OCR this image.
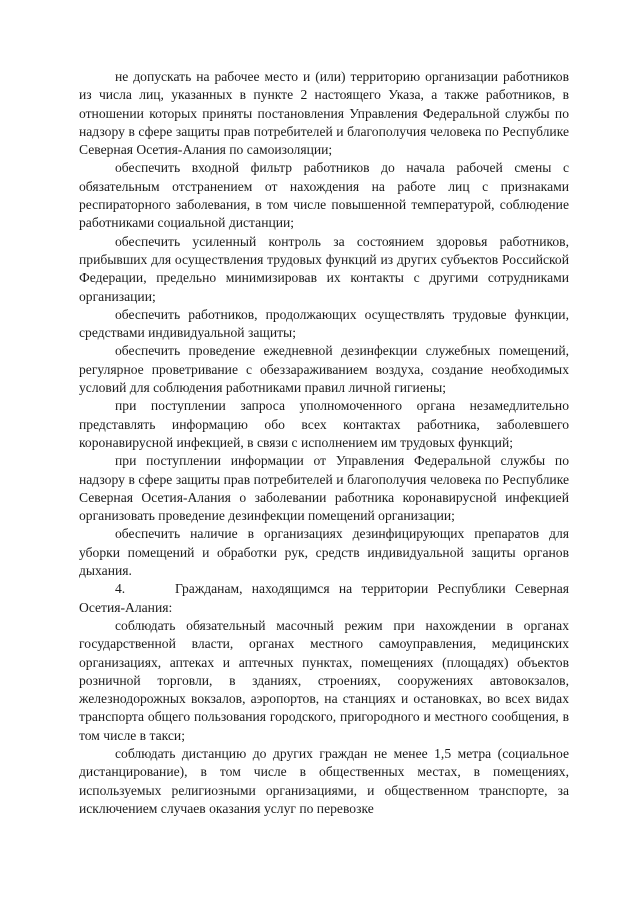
не допускать на рабочее место и (или) территорию организации работников из числа лиц, указанных в пункте 2 настоящего Указа, а также работников, в отношении которых приняты постановления Управления Федеральной службы по надзору в сфере защиты прав потребителей и благополучия человека по Республике Северная Осетия-Алания по самоизоляции;

обеспечить входной фильтр работников до начала рабочей смены с обязательным отстранением от нахождения на работе лиц с признаками респираторного заболевания, в том числе повышенной температурой, соблюдение работниками социальной дистанции;

обеспечить усиленный контроль за состоянием здоровья работников, прибывших для осуществления трудовых функций из других субъектов Российской Федерации, предельно минимизировав их контакты с другими сотрудниками организации;

обеспечить работников, продолжающих осуществлять трудовые функции, средствами индивидуальной защиты;

обеспечить проведение ежедневной дезинфекции служебных помещений, регулярное проветривание с обеззараживанием воздуха, создание необходимых условий для соблюдения работниками правил личной гигиены;

при поступлении запроса уполномоченного органа незамедлительно представлять информацию обо всех контактах работника, заболевшего коронавирусной инфекцией, в связи с исполнением им трудовых функций;

при поступлении информации от Управления Федеральной службы по надзору в сфере защиты прав потребителей и благополучия человека по Республике Северная Осетия-Алания о заболевании работника коронавирусной инфекцией организовать проведение дезинфекции помещений организации;

обеспечить наличие в организациях дезинфицирующих препаратов для уборки помещений и обработки рук, средств индивидуальной защиты органов дыхания.

4.	Гражданам, находящимся на территории Республики Северная Осетия-Алания:

соблюдать обязательный масочный режим при нахождении в органах государственной власти, органах местного самоуправления, медицинских организациях, аптеках и аптечных пунктах, помещениях (площадях) объектов розничной торговли, в зданиях, строениях, сооружениях автовокзалов, железнодорожных вокзалов, аэропортов, на станциях и остановках, во всех видах транспорта общего пользования городского, пригородного и местного сообщения, в том числе в такси;

соблюдать дистанцию до других граждан не менее 1,5 метра (социальное дистанцирование), в том числе в общественных местах, в помещениях, используемых религиозными организациями, и общественном транспорте, за исключением случаев оказания услуг по перевозке
